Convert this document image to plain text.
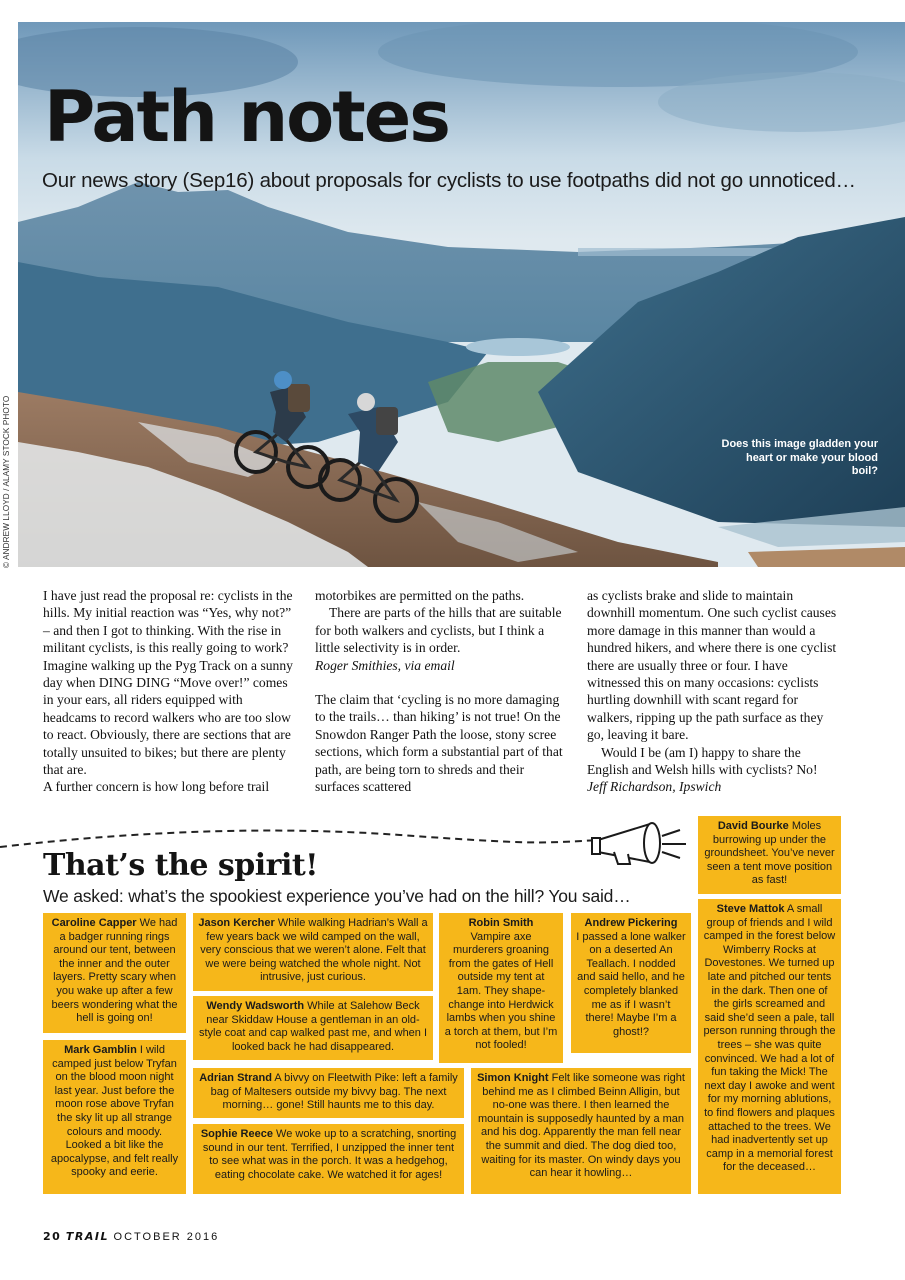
Path notes
Our news story (Sep16) about proposals for cyclists to use footpaths did not go unnoticed…
Does this image gladden your heart or make your blood boil?
© ANDREW LLOYD / ALAMY STOCK PHOTO

I have just read the proposal re: cyclists in the hills. My initial reaction was “Yes, why not?” – and then I got to thinking. With the rise in militant cyclists, is this really going to work? Imagine walking up the Pyg Track on a sunny day when DING DING “Move over!” comes in your ears, all riders equipped with headcams to record walkers who are too slow to react. Obviously, there are sections that are totally unsuited to bikes; but there are plenty that are.

A further concern is how long before trail

motorbikes are permitted on the paths.

There are parts of the hills that are suitable for both walkers and cyclists, but I think a little selectivity is in order.

Roger Smithies, via email

The claim that ‘cycling is no more damaging to the trails… than hiking’ is not true! On the Snowdon Ranger Path the loose, stony scree sections, which form a substantial part of that path, are being torn to shreds and their surfaces scattered

as cyclists brake and slide to maintain downhill momentum. One such cyclist causes more damage in this manner than would a hundred hikers, and where there is one cyclist there are usually three or four. I have witnessed this on many occasions: cyclists hurtling downhill with scant regard for walkers, ripping up the path surface as they go, leaving it bare.

Would I be (am I) happy to share the English and Welsh hills with cyclists? No!

Jeff Richardson, Ipswich

That’s the spirit!
We asked: what’s the spookiest experience you’ve had on the hill? You said…
David Bourke Moles burrowing up under the groundsheet. You’ve never seen a tent move position as fast!
Caroline Capper We had a badger running rings around our tent, between the inner and the outer layers. Pretty scary when you wake up after a few beers wondering what the hell is going on!
Jason Kercher While walking Hadrian’s Wall a few years back we wild camped on the wall, very conscious that we weren’t alone. Felt that we were being watched the whole night. Not intrusive, just curious.
Robin Smith
Vampire axe murderers groaning from the gates of Hell outside my tent at 1am. They shape-change into Herdwick lambs when you shine a torch at them, but I’m not fooled!
Andrew Pickering
I passed a lone walker on a deserted An Teallach. I nodded and said hello, and he completely blanked me as if I wasn’t there! Maybe I’m a ghost!?
Steve Mattok A small group of friends and I wild camped in the forest below Wimberry Rocks at Dovestones. We turned up late and pitched our tents in the dark. Then one of the girls screamed and said she’d seen a pale, tall person running through the trees – she was quite convinced. We had a lot of fun taking the Mick! The next day I awoke and went for my morning ablutions, to find flowers and plaques attached to the trees. We had inadvertently set up camp in a memorial forest for the deceased…
Wendy Wadsworth While at Salehow Beck near Skiddaw House a gentleman in an old-style coat and cap walked past me, and when I looked back he had disappeared.
Mark Gamblin I wild camped just below Tryfan on the blood moon night last year. Just before the moon rose above Tryfan the sky lit up all strange colours and moody. Looked a bit like the apocalypse, and felt really spooky and eerie.
Adrian Strand A bivvy on Fleetwith Pike: left a family bag of Maltesers outside my bivvy bag. The next morning… gone! Still haunts me to this day.
Simon Knight Felt like someone was right behind me as I climbed Beinn Alligin, but no-one was there. I then learned the mountain is supposedly haunted by a man and his dog. Apparently the man fell near the summit and died. The dog died too, waiting for its master. On windy days you can hear it howling…
Sophie Reece We woke up to a scratching, snorting sound in our tent. Terrified, I unzipped the inner tent to see what was in the porch. It was a hedgehog, eating chocolate cake. We watched it for ages!
20 TRAIL OCTOBER 2016
